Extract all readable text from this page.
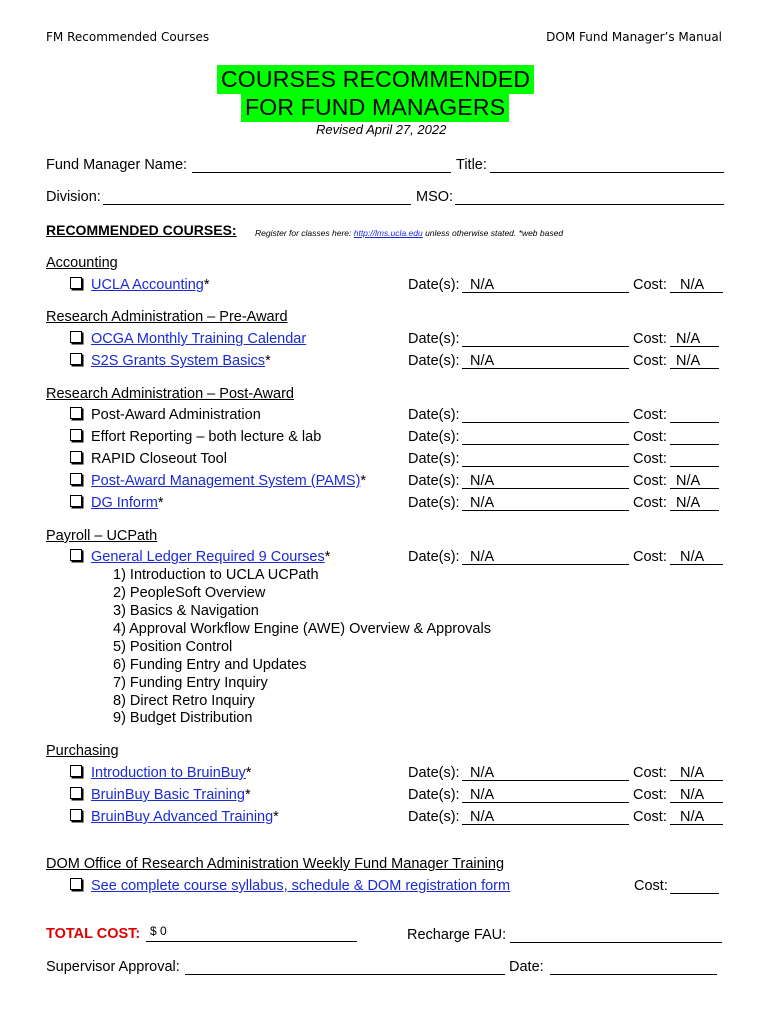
FM Recommended Courses	DOM Fund Manager’s Manual
COURSES RECOMMENDED
FOR FUND MANAGERS
Revised April 27, 2022
Fund Manager Name:	Title:
Division:	MSO:
RECOMMENDED COURSES: Register for classes here: http://lms.ucla.edu unless otherwise stated. *web based
Accounting
UCLA Accounting*	Date(s): N/A	Cost: N/A
Research Administration – Pre-Award
OCGA Monthly Training Calendar	Date(s):	Cost: N/A
S2S Grants System Basics*	Date(s): N/A	Cost: N/A
Research Administration – Post-Award
Post-Award Administration	Date(s):	Cost:
Effort Reporting – both lecture & lab	Date(s):	Cost:
RAPID Closeout Tool	Date(s):	Cost:
Post-Award Management System (PAMS)*	Date(s): N/A	Cost: N/A
DG Inform*	Date(s): N/A	Cost: N/A
Payroll – UCPath
General Ledger Required 9 Courses*	Date(s): N/A	Cost: N/A
1) Introduction to UCLA UCPath
2) PeopleSoft Overview
3) Basics & Navigation
4) Approval Workflow Engine (AWE) Overview & Approvals
5) Position Control
6) Funding Entry and Updates
7) Funding Entry Inquiry
8) Direct Retro Inquiry
9) Budget Distribution
Purchasing
Introduction to BruinBuy*	Date(s): N/A	Cost: N/A
BruinBuy Basic Training*	Date(s): N/A	Cost: N/A
BruinBuy Advanced Training*	Date(s): N/A	Cost: N/A
DOM Office of Research Administration Weekly Fund Manager Training
See complete course syllabus, schedule & DOM registration form	Cost:
TOTAL COST: $ 0	Recharge FAU:
Supervisor Approval:	Date:
